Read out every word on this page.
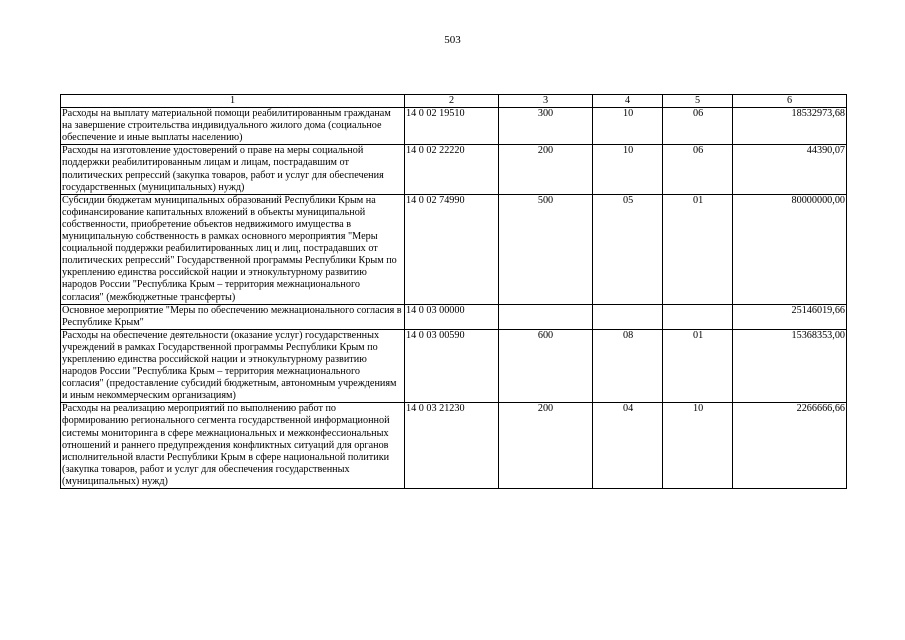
503
1	2	3	4	5	6
Расходы на выплату материальной помощи реабилитированным гражданам на завершение строительства индивидуального жилого дома (социальное обеспечение и иные выплаты населению)	14 0 02 19510	300	10	06	18532973,68
Расходы на изготовление удостоверений о праве на меры социальной поддержки реабилитированным лицам и лицам, пострадавшим от политических репрессий (закупка товаров, работ и услуг для обеспечения государственных (муниципальных) нужд)	14 0 02 22220	200	10	06	44390,07
Субсидии бюджетам муниципальных образований Республики Крым на софинансирование капитальных вложений в объекты муниципальной собственности, приобретение объектов недвижимого имущества в муниципальную собственность в рамках основного мероприятия "Меры социальной поддержки реабилитированных лиц и лиц, пострадавших от политических репрессий" Государственной программы Республики Крым по укреплению единства российской нации и этнокультурному развитию народов России "Республика Крым – территория межнационального согласия" (межбюджетные трансферты)	14 0 02 74990	500	05	01	80000000,00
Основное мероприятие "Меры по обеспечению межнационального согласия в Республике Крым"	14 0 03 00000				25146019,66
Расходы на обеспечение деятельности (оказание услуг) государственных учреждений в рамках Государственной программы Республики Крым по укреплению единства российской нации и этнокультурному развитию народов России "Республика Крым – территория межнационального согласия" (предоставление субсидий бюджетным, автономным учреждениям и иным некоммерческим организациям)	14 0 03 00590	600	08	01	15368353,00
Расходы на реализацию мероприятий по выполнению работ по формированию регионального сегмента государственной информационной системы мониторинга в сфере межнациональных и межконфессиональных отношений и раннего предупреждения конфликтных ситуаций для органов исполнительной власти Республики Крым в сфере национальной политики (закупка товаров, работ и услуг для обеспечения государственных (муниципальных) нужд)	14 0 03 21230	200	04	10	2266666,66
